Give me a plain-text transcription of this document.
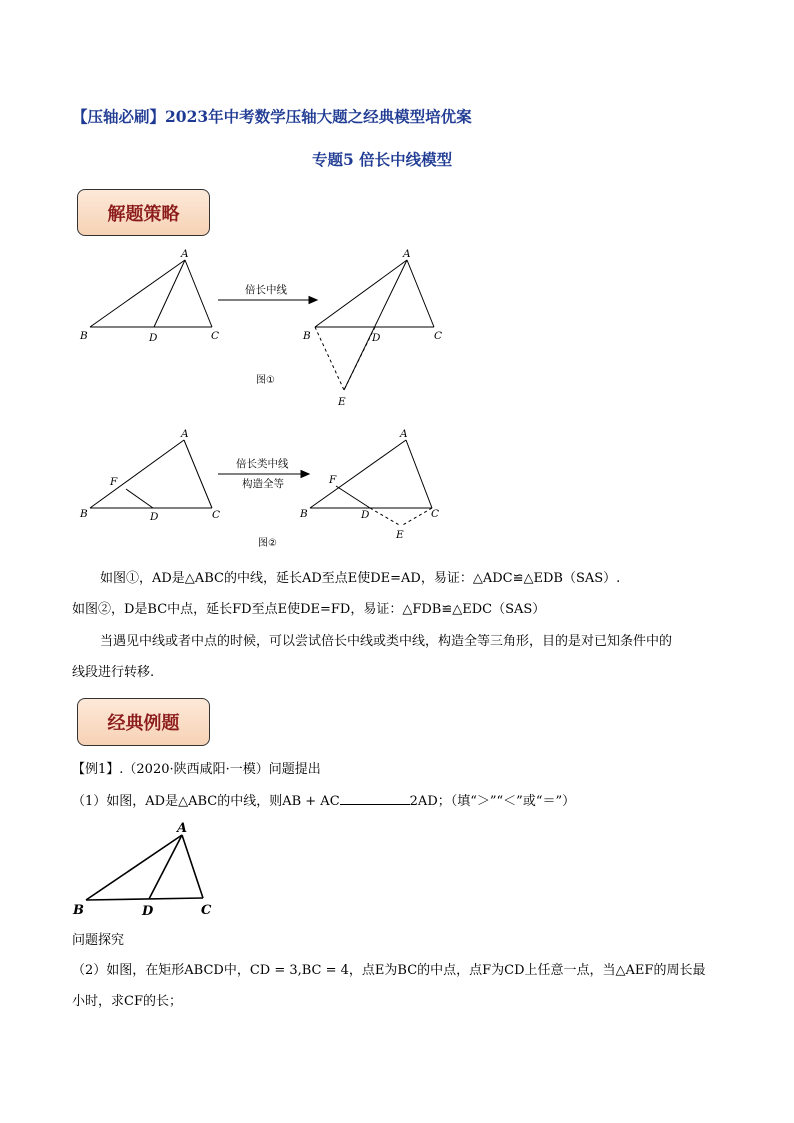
【压轴必刷】2023年中考数学压轴大题之经典模型培优案
专题5 倍长中线模型
解题策略
A
B	D	C
倍长中线
A
B	D	C
E
图①
A
F
B	D	C
倍长类中线
构造全等
A
F
B	D	C
E
图②
如图①，AD是△ABC的中线，延长AD至点E使DE=AD，易证：△ADC≌△EDB（SAS）.
如图②，D是BC中点，延长FD至点E使DE=FD，易证：△FDB≌△EDC（SAS）
当遇见中线或者中点的时候，可以尝试倍长中线或类中线，构造全等三角形，目的是对已知条件中的
线段进行转移.
经典例题
【例1】.（2020·陕西咸阳·一模）问题提出
（1）如图，AD是△ABC的中线，则AB + AC	2AD；（填“＞”“＜”或“＝”）
A
B	D	C
问题探究
（2）如图，在矩形ABCD中，CD = 3,BC = 4，点E为BC的中点，点F为CD上任意一点，当△AEF的周长最
小时，求CF的长；
